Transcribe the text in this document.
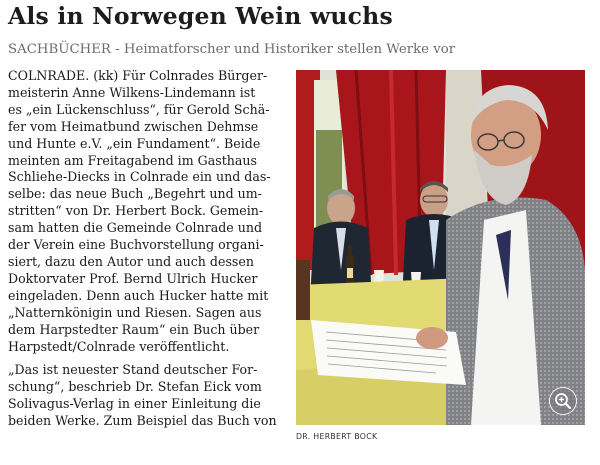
Als in Norwegen Wein wuchs

SACHBÜCHER - Heimatforscher und Historiker stellen Werke vor

COLNRADE. (kk) Für Colnrades Bürger-
meisterin Anne Wilkens-Lindemann ist
es „ein Lückenschluss“, für Gerold Schä-
fer vom Heimatbund zwischen Dehmse
und Hunte e.V. „ein Fundament“. Beide
meinten am Freitagabend im Gasthaus
Schliehe-Diecks in Colnrade ein und das-
selbe: das neue Buch „Begehrt und um-
stritten“ von Dr. Herbert Bock. Gemein-
sam hatten die Gemeinde Colnrade und
der Verein eine Buchvorstellung organi-
siert, dazu den Autor und auch dessen
Doktorvater Prof. Bernd Ulrich Hucker
eingeladen. Denn auch Hucker hatte mit
„Natternkönigin und Riesen. Sagen aus
dem Harpstedter Raum“ ein Buch über
Harpstedt/Colnrade veröffentlicht.
„Das ist neuester Stand deutscher For-
schung“, beschrieb Dr. Stefan Eick vom
Solivagus-Verlag in einer Einleitung die
beiden Werke. Zum Beispiel das Buch von
DR. HERBERT BOCK
